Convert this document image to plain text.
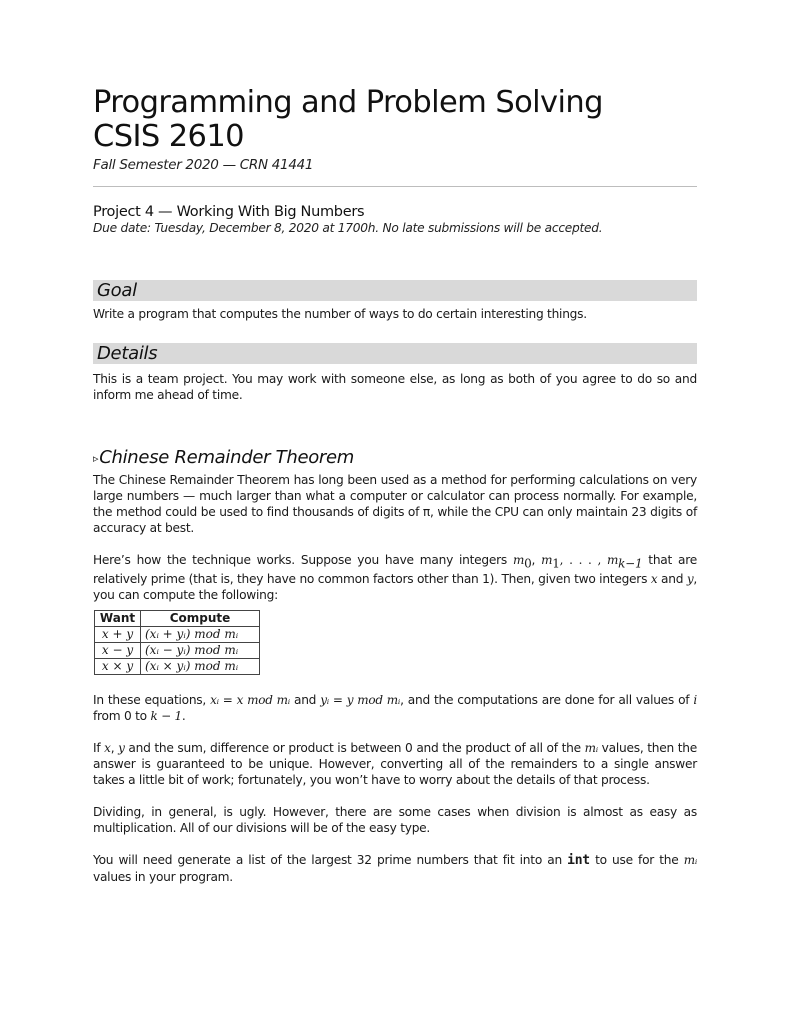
Programming and Problem Solving
CSIS 2610
Fall Semester 2020 — CRN 41441
Project 4 — Working With Big Numbers
Due date: Tuesday, December 8, 2020 at 1700h. No late submissions will be accepted.
Goal
Write a program that computes the number of ways to do certain interesting things.
Details
This is a team project. You may work with someone else, as long as both of you agree to do so and inform me ahead of time.
▹Chinese Remainder Theorem
The Chinese Remainder Theorem has long been used as a method for performing calculations on very large numbers — much larger than what a computer or calculator can process normally. For example, the method could be used to find thousands of digits of π, while the CPU can only maintain 23 digits of accuracy at best.
Here’s how the technique works. Suppose you have many integers $m_0$, $m_1$, . . . , $m_{k-1}$ that are relatively prime (that is, they have no common factors other than 1). Then, given two integers x and y, you can compute the following:
Want	Compute
x + y	(xᵢ + yᵢ) mod mᵢ
x − y	(xᵢ − yᵢ) mod mᵢ
x × y	(xᵢ × yᵢ) mod mᵢ
In these equations, xᵢ = x mod mᵢ and yᵢ = y mod mᵢ, and the computations are done for all values of i from 0 to k − 1.
If x, y and the sum, difference or product is between 0 and the product of all of the mᵢ values, then the answer is guaranteed to be unique. However, converting all of the remainders to a single answer takes a little bit of work; fortunately, you won’t have to worry about the details of that process.
Dividing, in general, is ugly. However, there are some cases when division is almost as easy as multiplication. All of our divisions will be of the easy type.
You will need generate a list of the largest 32 prime numbers that fit into an int to use for the mᵢ values in your program.
